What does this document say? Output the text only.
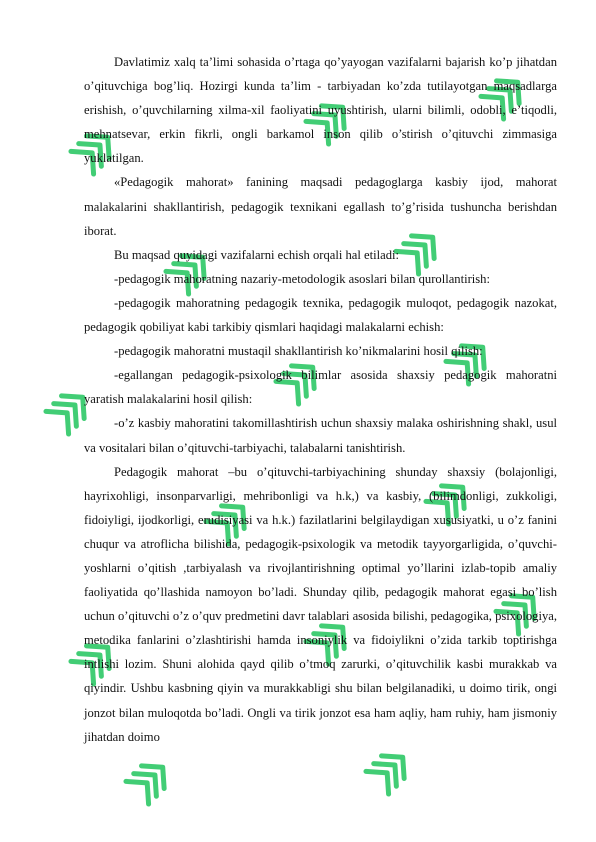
Davlatimiz xalq ta’limi sohasida o’rtaga qo’yayogan vazifalarni bajarish ko’p jihatdan o’qituvchiga bog’liq. Hozirgi kunda ta’lim - tarbiyadan ko’zda tutilayotgan maqsadlarga erishish, o’quvchilarning xilma-xil faoliyatini uyushtirish, ularni bilimli, odobli, e’tiqodli, mehnatsevar, erkin fikrli, ongli barkamol inson qilib o’stirish o’qituvchi zimmasiga yuklatilgan.

«Pedagogik mahorat» fanining maqsadi pedagoglarga kasbiy ijod, mahorat malakalarini shakllantirish, pedagogik texnikani egallash to’g’risida tushuncha berishdan iborat.

Bu maqsad quyidagi vazifalarni echish orqali hal etiladi:

-pedagogik mahoratning nazariy-metodologik asoslari bilan qurollantirish:

-pedagogik mahoratning pedagogik texnika, pedagogik muloqot, pedagogik nazokat, pedagogik qobiliyat kabi tarkibiy qismlari haqidagi malakalarni echish:

-pedagogik mahoratni mustaqil shakllantirish ko’nikmalarini hosil qilish:

-egallangan pedagogik-psixologik bilimlar asosida shaxsiy pedagogik mahoratni yaratish malakalarini hosil qilish:

-o’z kasbiy mahoratini takomillashtirish uchun shaxsiy malaka oshirishning shakl, usul va vositalari bilan o’qituvchi-tarbiyachi, talabalarni tanishtirish.

Pedagogik mahorat –bu o’qituvchi-tarbiyachining shunday shaxsiy (bolajonligi, hayrixohligi, insonparvarligi, mehribonligi va h.k,) va kasbiy, (bilimdonligi, zukkoligi, fidoiyligi, ijodkorligi, erudisiyasi va h.k.) fazilatlarini belgilaydigan xususiyatki, u o’z fanini chuqur va atroflicha bilishida, pedagogik-psixologik va metodik tayyorgarligida, o’quvchi-yoshlarni o’qitish ,tarbiyalash va rivojlantirishning optimal yo’llarini izlab-topib amaliy faoliyatida qo’llashida namoyon bo’ladi. Shunday qilib, pedagogik mahorat egasi bo’lish uchun o’qituvchi o’z o’quv predmetini davr talablari asosida bilishi, pedagogika, psixologiya, metodika fanlarini o’zlashtirishi hamda insoniylik va fidoiylikni o’zida tarkib toptirishga intlishi lozim. Shuni alohida qayd qilib o’tmoq zarurki, o’qituvchilik kasbi murakkab va qiyindir. Ushbu kasbning qiyin va murakkabligi shu bilan belgilanadiki, u doimo tirik, ongi jonzot bilan muloqotda bo’ladi. Ongli va tirik jonzot esa ham aqliy, ham ruhiy, ham jismoniy jihatdan doimo
